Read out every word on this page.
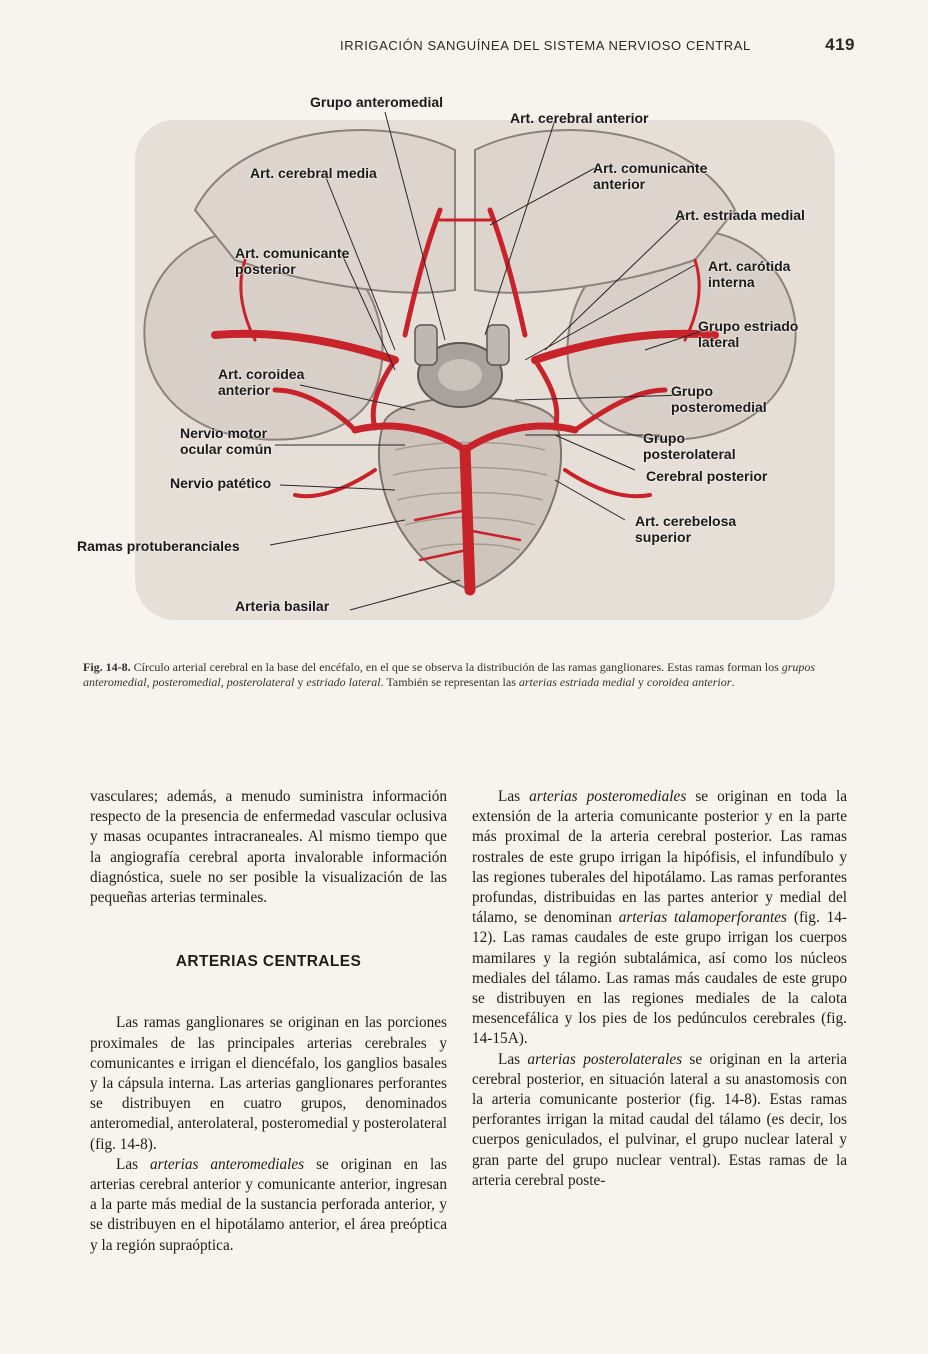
IRRIGACIÓN SANGUÍNEA DEL SISTEMA NERVIOSO CENTRAL	419
Grupo anteromedial
Art. cerebral anterior
Art. cerebral media	Art. comunicante
anterior
Art. estriada medial
Art. comunicante
posterior	Art. carótida
interna
Grupo estriado
lateral
Art. coroidea
anterior	Grupo
posteromedial
Nervio motor
ocular común
Grupo
posterolateral
Cerebral posterior
Nervio patético
Art. cerebelosa
superior
Ramas protuberanciales
Arteria basilar
Fig. 14-8. Círculo arterial cerebral en la base del encéfalo, en el que se observa la distribución de las ramas ganglionares. Estas ramas forman los grupos anteromedial, posteromedial, posterolateral y estriado lateral. También se representan las arterias estriada medial y coroidea anterior.

vasculares; además, a menudo suministra información respecto de la presencia de enfermedad vascular oclusiva y masas ocupantes intracraneales. Al mismo tiempo que la angiografía cerebral aporta invalorable información diagnóstica, suele no ser posible la visualización de las pequeñas arterias terminales.

ARTERIAS CENTRALES

Las ramas ganglionares se originan en las porciones proximales de las principales arterias cerebrales y comunicantes e irrigan el diencéfalo, los ganglios basales y la cápsula interna. Las arterias ganglionares perforantes se distribuyen en cuatro grupos, denominados anteromedial, anterolateral, posteromedial y posterolateral (fig. 14-8).

Las arterias anteromediales se originan en las arterias cerebral anterior y comunicante anterior, ingresan a la parte más medial de la sustancia perforada anterior, y se distribuyen en el hipotálamo anterior, el área preóptica y la región supraóptica.

Las arterias posteromediales se originan en toda la extensión de la arteria comunicante posterior y en la parte más proximal de la arteria cerebral posterior. Las ramas rostrales de este grupo irrigan la hipófisis, el infundíbulo y las regiones tuberales del hipotálamo. Las ramas perforantes profundas, distribuidas en las partes anterior y medial del tálamo, se denominan arterias talamoperforantes (fig. 14-12). Las ramas caudales de este grupo irrigan los cuerpos mamilares y la región subtalámica, así como los núcleos mediales del tálamo. Las ramas más caudales de este grupo se distribuyen en las regiones mediales de la calota mesencefálica y los pies de los pedúnculos cerebrales (fig. 14-15A).

Las arterias posterolaterales se originan en la arteria cerebral posterior, en situación lateral a su anastomosis con la arteria comunicante posterior (fig. 14-8). Estas ramas perforantes irrigan la mitad caudal del tálamo (es decir, los cuerpos geniculados, el pulvinar, el grupo nuclear lateral y gran parte del grupo nuclear ventral). Estas ramas de la arteria cerebral poste-
